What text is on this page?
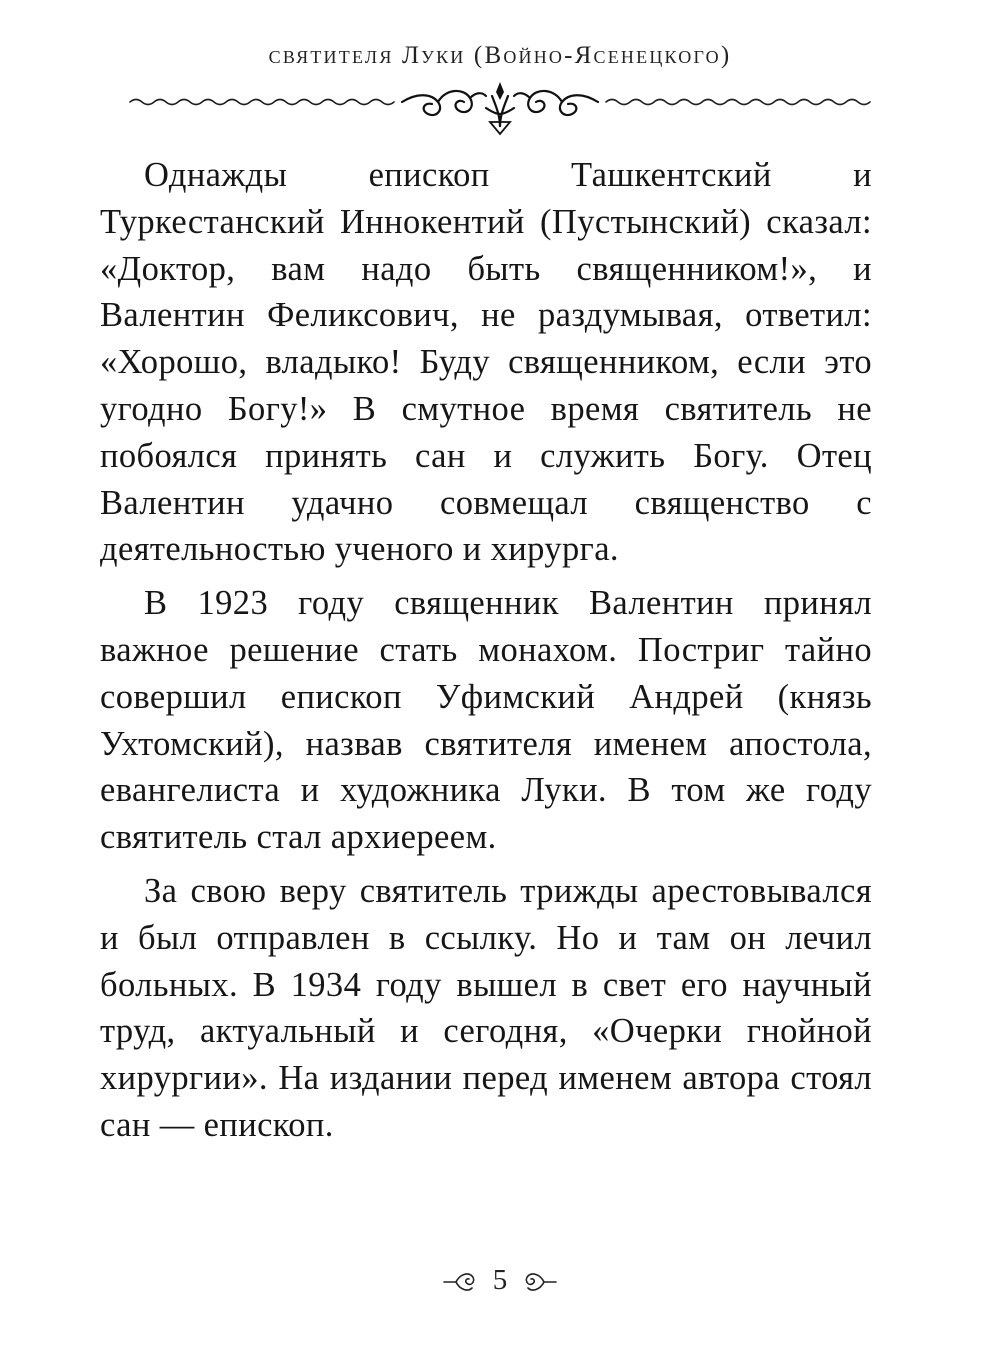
святителя Луки (Войно-Ясенецкого)

Однажды епископ Ташкентский и Туркестанский Иннокентий (Пустынский) сказал: «Доктор, вам надо быть священником!», и Валентин Феликсович, не раздумывая, ответил: «Хорошо, владыко! Буду священником, если это угодно Богу!» В смутное время святитель не побоялся принять сан и служить Богу. Отец Валентин удачно совмещал священство с деятельностью ученого и хирурга.

В 1923 году священник Валентин принял важное решение стать монахом. Постриг тайно совершил епископ Уфимский Андрей (князь Ухтомский), назвав святителя именем апостола, евангелиста и художника Луки. В том же году святитель стал архиереем.

За свою веру святитель трижды арестовывался и был отправлен в ссылку. Но и там он лечил больных. В 1934 году вышел в свет его научный труд, актуальный и сегодня, «Очерки гнойной хирургии». На издании перед именем автора стоял сан — епископ.

5
